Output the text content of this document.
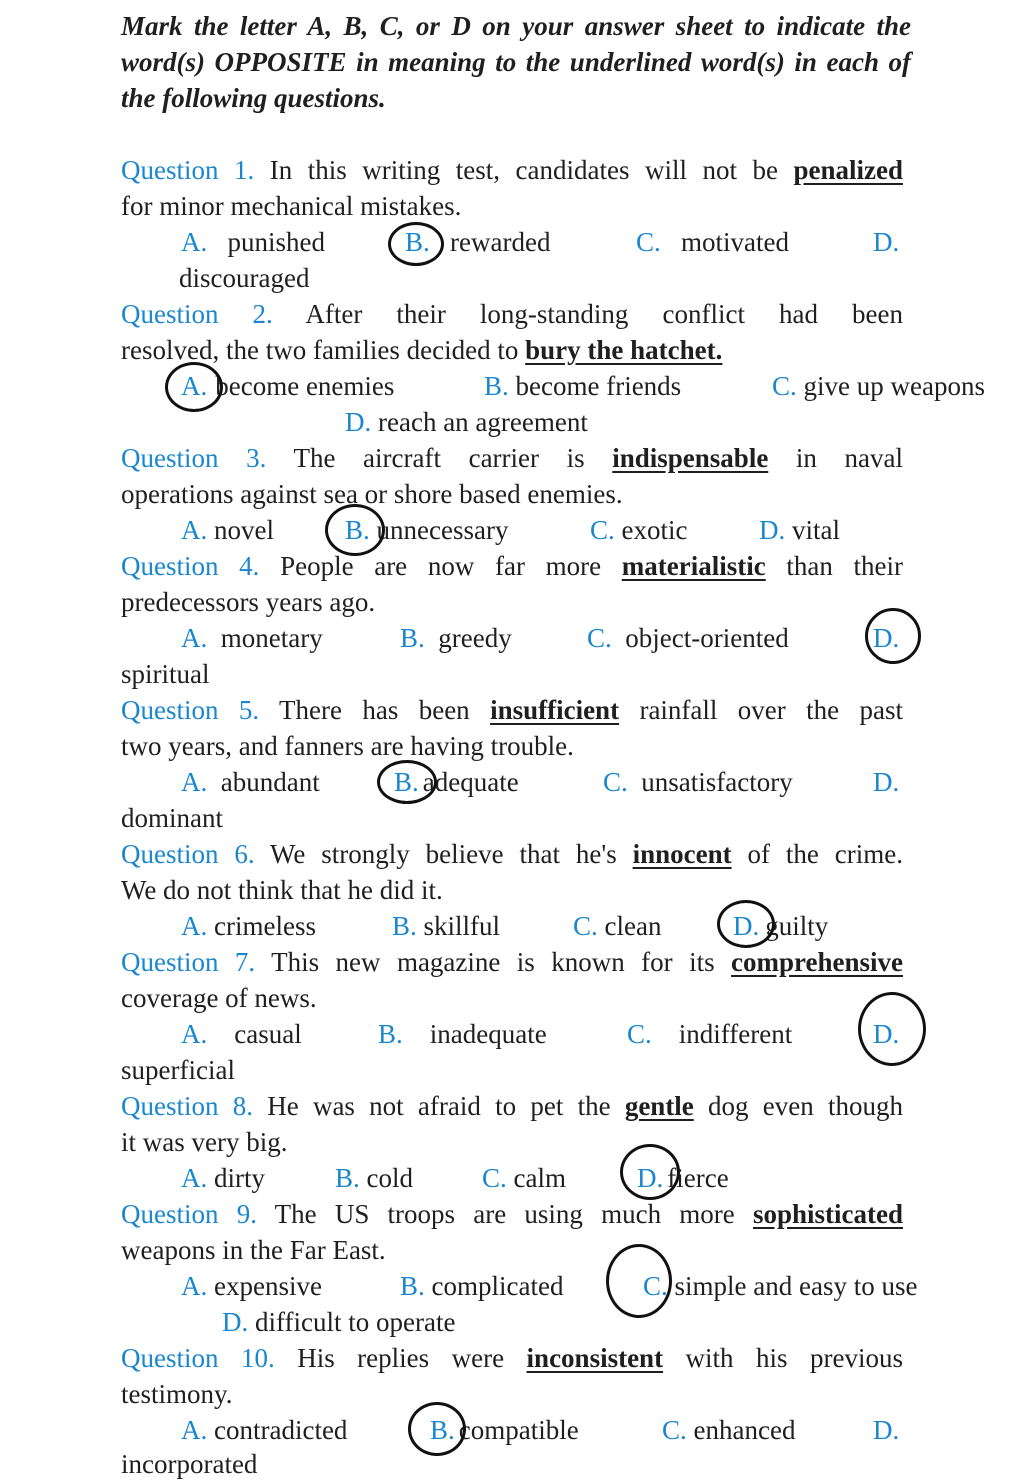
Mark the letter A, B, C, or D on your answer sheet to indicate the word(s) OPPOSITE in meaning to the underlined word(s) in each of the following questions.
Question 1. In this writing test, candidates will not be penalized
for minor mechanical mistakes.
A. punished	B. rewarded	C. motivated	D.
discouraged
Question 2. After their long-standing conflict had been
resolved, the two families decided to bury the hatchet.
A. become enemies	B. become friends	C. give up weapons
D. reach an agreement
Question 3. The aircraft carrier is indispensable in naval
operations against sea or shore based enemies.
A. novel	B. unnecessary	C. exotic	D. vital
Question 4. People are now far more materialistic than their
predecessors years ago.
A. monetary	B. greedy	C. object-oriented	D.
spiritual
Question 5. There has been insufficient rainfall over the past
two years, and fanners are having trouble.
A. abundant	B. adequate	C. unsatisfactory	D.
dominant
Question 6. We strongly believe that he's innocent of the crime.
We do not think that he did it.
A. crimeless	B. skillful	C. clean	D. guilty
Question 7. This new magazine is known for its comprehensive
coverage of news.
A. casual	B. inadequate	C. indifferent	D.
superficial
Question 8. He was not afraid to pet the gentle dog even though
it was very big.
A. dirty	B. cold	C. calm	D. fierce
Question 9. The US troops are using much more sophisticated
weapons in the Far East.
A. expensive	B. complicated	C. simple and easy to use
D. difficult to operate
Question 10. His replies were inconsistent with his previous
testimony.
A. contradicted	B. compatible	C. enhanced	D.
incorporated
